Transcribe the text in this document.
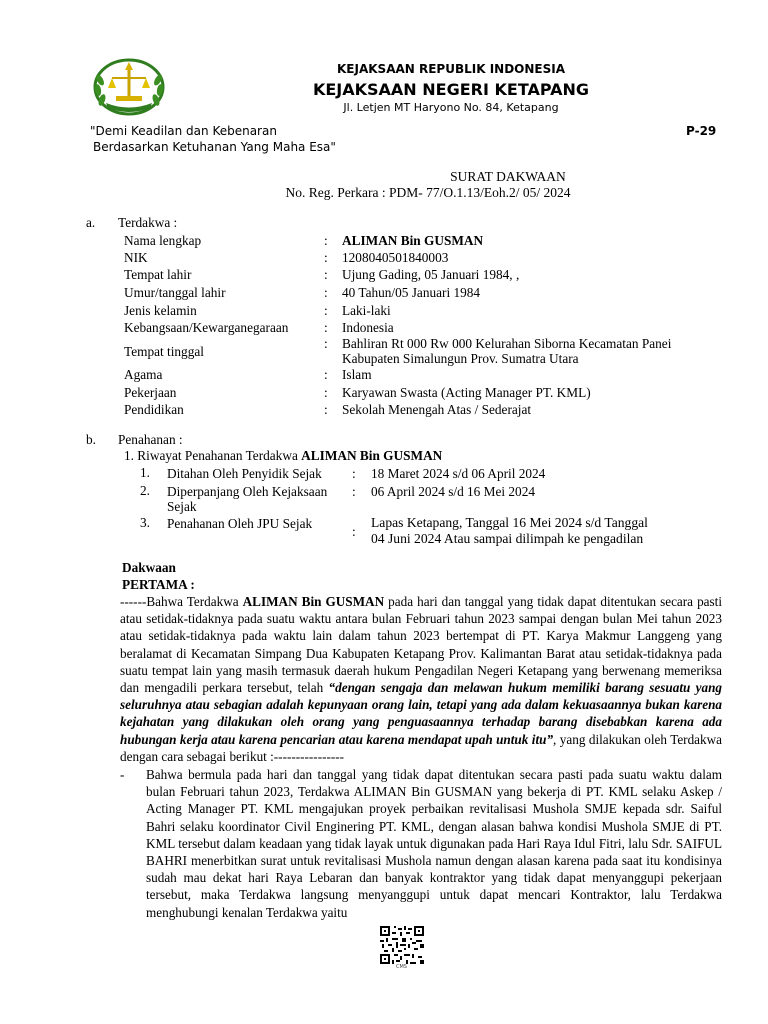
KEJAKSAAN REPUBLIK INDONESIA
KEJAKSAAN NEGERI KETAPANG
Jl. Letjen MT Haryono No. 84, Ketapang
"Demi Keadilan dan Kebenaran
Berdasarkan Ketuhanan Yang Maha Esa"
P-29
SURAT DAKWAAN
No. Reg. Perkara : PDM- 77/O.1.13/Eoh.2/ 05/ 2024
a. Terdakwa :
Nama lengkap	: ALIMAN Bin GUSMAN
NIK	: 1208040501840003
Tempat lahir	: Ujung Gading, 05 Januari 1984, ,
Umur/tanggal lahir	: 40 Tahun/05 Januari 1984
Jenis kelamin	: Laki-laki
Kebangsaan/Kewarganegaraan	: Indonesia
Tempat tinggal
: Bahliran Rt 000 Rw 000 Kelurahan Siborna Kecamatan Panei
Kabupaten Simalungun Prov. Sumatra Utara
Agama	: Islam
Pekerjaan	: Karyawan Swasta (Acting Manager PT. KML)
Pendidikan	: Sekolah Menengah Atas / Sederajat
b. Penahanan :
1. Riwayat Penahanan Terdakwa ALIMAN Bin GUSMAN
1. Ditahan Oleh Penyidik Sejak : 18 Maret 2024 s/d 06 April 2024
2. Diperpanjang Oleh Kejaksaan
Sejak
: 06 April 2024 s/d 16 Mei 2024
3. Penahanan Oleh JPU Sejak
:
Lapas Ketapang, Tanggal 16 Mei 2024 s/d Tanggal
04 Juni 2024 Atau sampai dilimpah ke pengadilan
Dakwaan
PERTAMA :

------Bahwa Terdakwa ALIMAN Bin GUSMAN pada hari dan tanggal yang tidak dapat ditentukan secara pasti atau setidak-tidaknya pada suatu waktu antara bulan Februari tahun 2023 sampai dengan bulan Mei tahun 2023 atau setidak-tidaknya pada waktu lain dalam tahun 2023 bertempat di PT. Karya Makmur Langgeng yang beralamat di Kecamatan Simpang Dua Kabupaten Ketapang Prov. Kalimantan Barat atau setidak-tidaknya pada suatu tempat lain yang masih termasuk daerah hukum Pengadilan Negeri Ketapang yang berwenang memeriksa dan mengadili perkara tersebut, telah “dengan sengaja dan melawan hukum memiliki barang sesuatu yang seluruhnya atau sebagian adalah kepunyaan orang lain, tetapi yang ada dalam kekuasaannya bukan karena kejahatan yang dilakukan oleh orang yang penguasaannya terhadap barang disebabkan karena ada hubungan kerja atau karena pencarian atau karena mendapat upah untuk itu”, yang dilakukan oleh Terdakwa dengan cara sebagai berikut :----------------

- Bahwa bermula pada hari dan tanggal yang tidak dapat ditentukan secara pasti pada suatu waktu dalam bulan Februari tahun 2023, Terdakwa ALIMAN Bin GUSMAN yang bekerja di PT. KML selaku Askep / Acting Manager PT. KML mengajukan proyek perbaikan revitalisasi Mushola SMJE kepada sdr. Saiful Bahri selaku koordinator Civil Enginering PT. KML, dengan alasan bahwa kondisi Mushola SMJE di PT. KML tersebut dalam keadaan yang tidak layak untuk digunakan pada Hari Raya Idul Fitri, lalu Sdr. SAIFUL BAHRI menerbitkan surat untuk revitalisasi Mushola namun dengan alasan karena pada saat itu kondisinya sudah mau dekat hari Raya Lebaran dan banyak kontraktor yang tidak dapat menyanggupi pekerjaan tersebut, maka Terdakwa langsung menyanggupi untuk dapat mencari Kontraktor, lalu Terdakwa menghubungi kenalan Terdakwa yaitu

CMS
